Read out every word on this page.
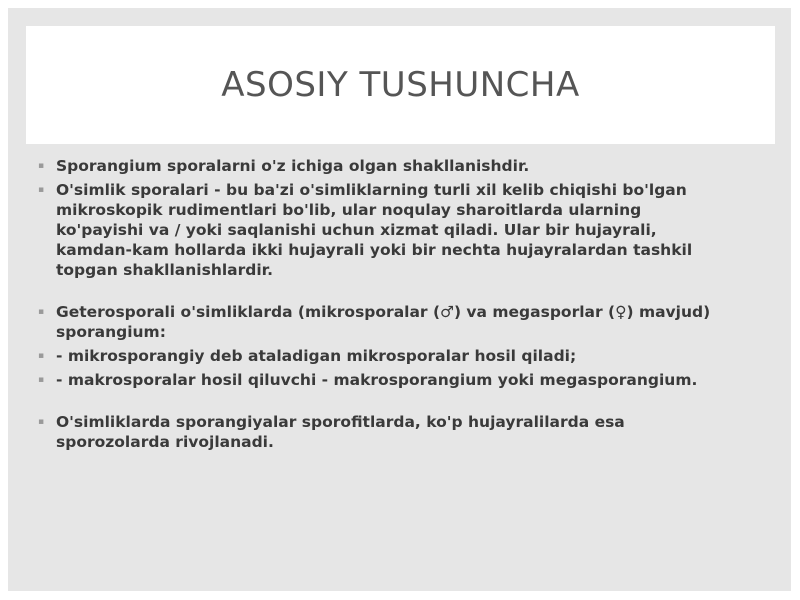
ASOSIY TUSHUNCHA
▪ Sporangium sporalarni o'z ichiga olgan shakllanishdir.
▪ O'simlik sporalari - bu ba'zi o'simliklarning turli xil kelib chiqishi bo'lgan mikroskopik rudimentlari bo'lib, ular noqulay sharoitlarda ularning ko'payishi va / yoki saqlanishi uchun xizmat qiladi. Ular bir hujayrali, kamdan-kam hollarda ikki hujayrali yoki bir nechta hujayralardan tashkil topgan shakllanishlardir.
▪ Geterosporali o'simliklarda (mikrosporalar (♂) va megasporlar (♀) mavjud) sporangium:
▪ - mikrosporangiy deb ataladigan mikrosporalar hosil qiladi;
▪ - makrosporalar hosil qiluvchi - makrosporangium yoki megasporangium.
▪ O'simliklarda sporangiyalar sporofitlarda, ko'p hujayralilarda esa sporozolarda rivojlanadi.
